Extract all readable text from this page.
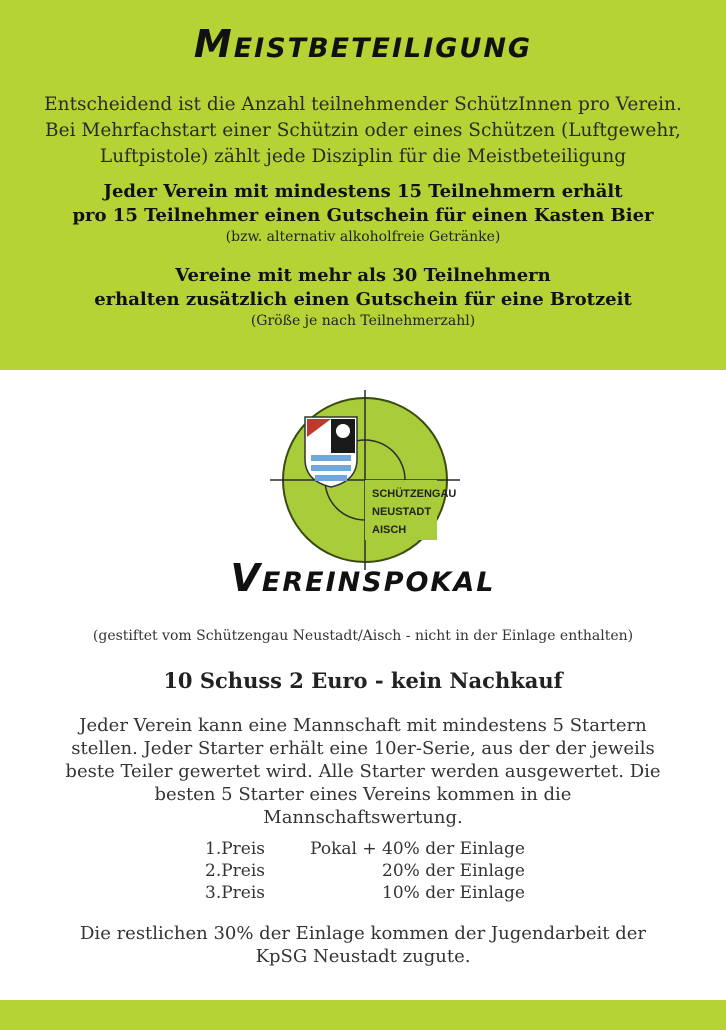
Meistbeteiligung
Entscheidend ist die Anzahl teilnehmender SchützInnen pro Verein.
Bei Mehrfachstart einer Schützin oder eines Schützen (Luftgewehr,
Luftpistole) zählt jede Disziplin für die Meistbeteiligung
Jeder Verein mit mindestens 15 Teilnehmern erhält
pro 15 Teilnehmer einen Gutschein für einen Kasten Bier
(bzw. alternativ alkoholfreie Getränke)
Vereine mit mehr als 30 Teilnehmern
erhalten zusätzlich einen Gutschein für eine Brotzeit
(Größe je nach Teilnehmerzahl)
SCHÜTZENGAU
NEUSTADT
AISCH
Vereinspokal
(gestiftet vom Schützengau Neustadt/Aisch - nicht in der Einlage enthalten)
10 Schuss 2 Euro - kein Nachkauf
Jeder Verein kann eine Mannschaft mit mindestens 5 Startern
stellen. Jeder Starter erhält eine 10er-Serie, aus der der jeweils
beste Teiler gewertet wird. Alle Starter werden ausgewertet. Die
besten 5 Starter eines Vereins kommen in die
Mannschaftswertung.
1.Preis	Pokal + 40% der Einlage
2.Preis	20% der Einlage
3.Preis	10% der Einlage
Die restlichen 30% der Einlage kommen der Jugendarbeit der
KpSG Neustadt zugute.
